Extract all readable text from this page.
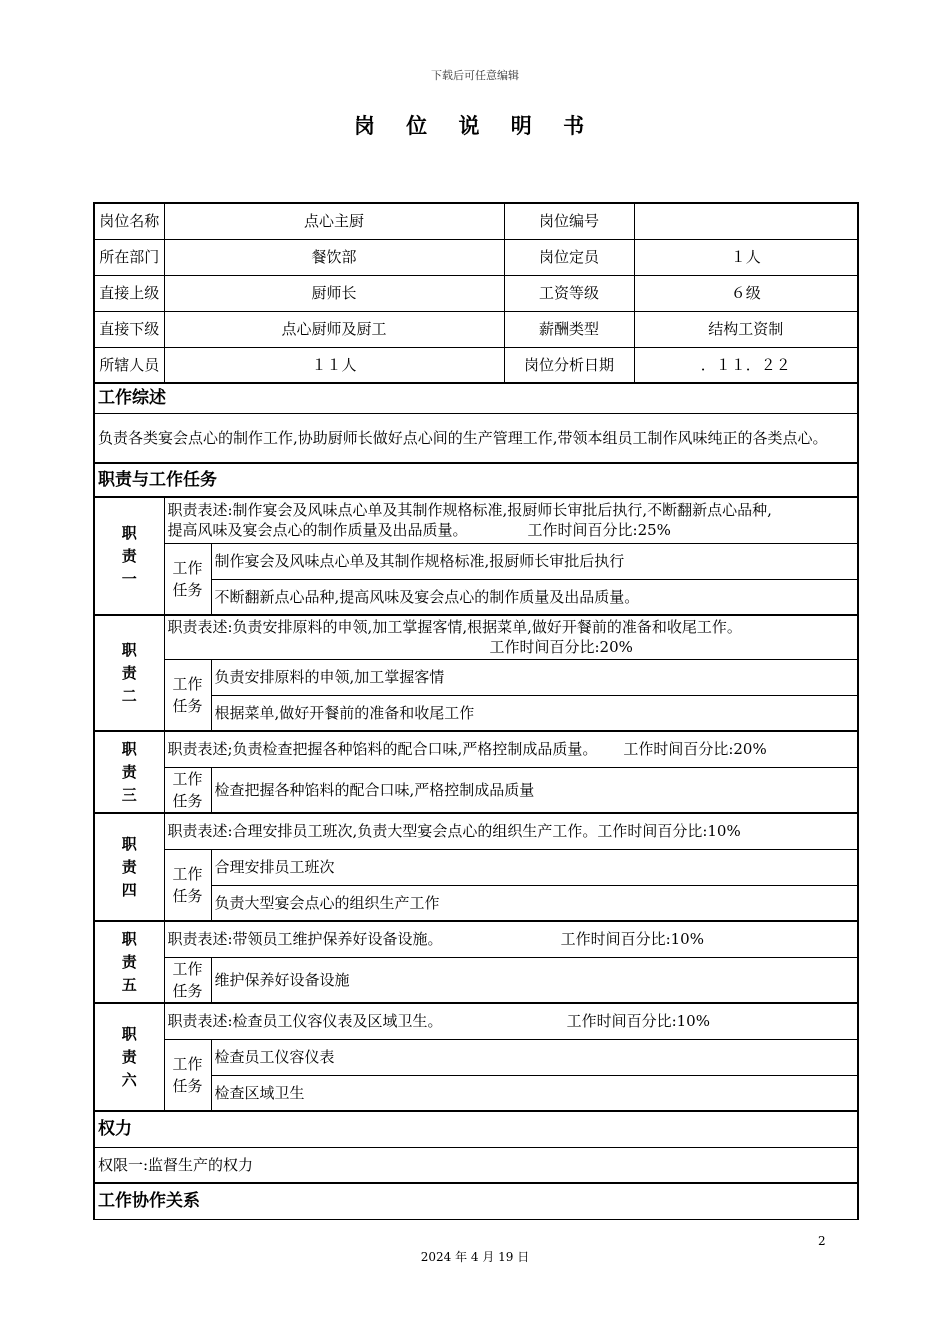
下载后可任意编辑
岗 位 说 明 书
岗位名称	点心主厨		岗位编号	
所在部门	餐饮部		岗位定员	１人
直接上级	厨师长		工资等级	６级
直接下级	点心厨师及厨工		薪酬类型	结构工资制
所辖人员	１１人		岗位分析日期	．１１．２２
工作综述				
负责各类宴会点心的制作工作,协助厨师长做好点心间的生产管理工作,带领本组员工制作风味纯正的各类点心。				
职责与工作任务				

职责一	职责表述:制作宴会及风味点心单及其制作规格标准,报厨师长审批后执行,不断翻新点心品种,
提高风味及宴会点心的制作质量及出品质量。 工作时间百分比:25%			

	工作任务	制作宴会及风味点心单及其制作规格标准,报厨师长审批后执行		
		不断翻新点心品种,提高风味及宴会点心的制作质量及出品质量。		

职责二	职责表述:负责安排原料的申领,加工掌握客情,根据菜单,做好开餐前的准备和收尾工作。
工作时间百分比:20%			

	工作任务	负责安排原料的申领,加工掌握客情		
		根据菜单,做好开餐前的准备和收尾工作		

职责三	职责表述;负责检查把握各种馅料的配合口味,严格控制成品质量。 工作时间百分比:20%			

	工作任务	检查把握各种馅料的配合口味,严格控制成品质量		

职责四	职责表述:合理安排员工班次,负责大型宴会点心的组织生产工作。工作时间百分比:10%			

	工作任务	合理安排员工班次		
		负责大型宴会点心的组织生产工作		

职责五	职责表述:带领员工维护保养好设备设施。 工作时间百分比:10%			

	工作任务	维护保养好设备设施		

职责六	职责表述:检查员工仪容仪表及区域卫生。 工作时间百分比:10%			

	工作任务	检查员工仪容仪表		
		检查区域卫生		
权力				
权限一:监督生产的权力				
工作协作关系				
2
2024 年 4 月 19 日
